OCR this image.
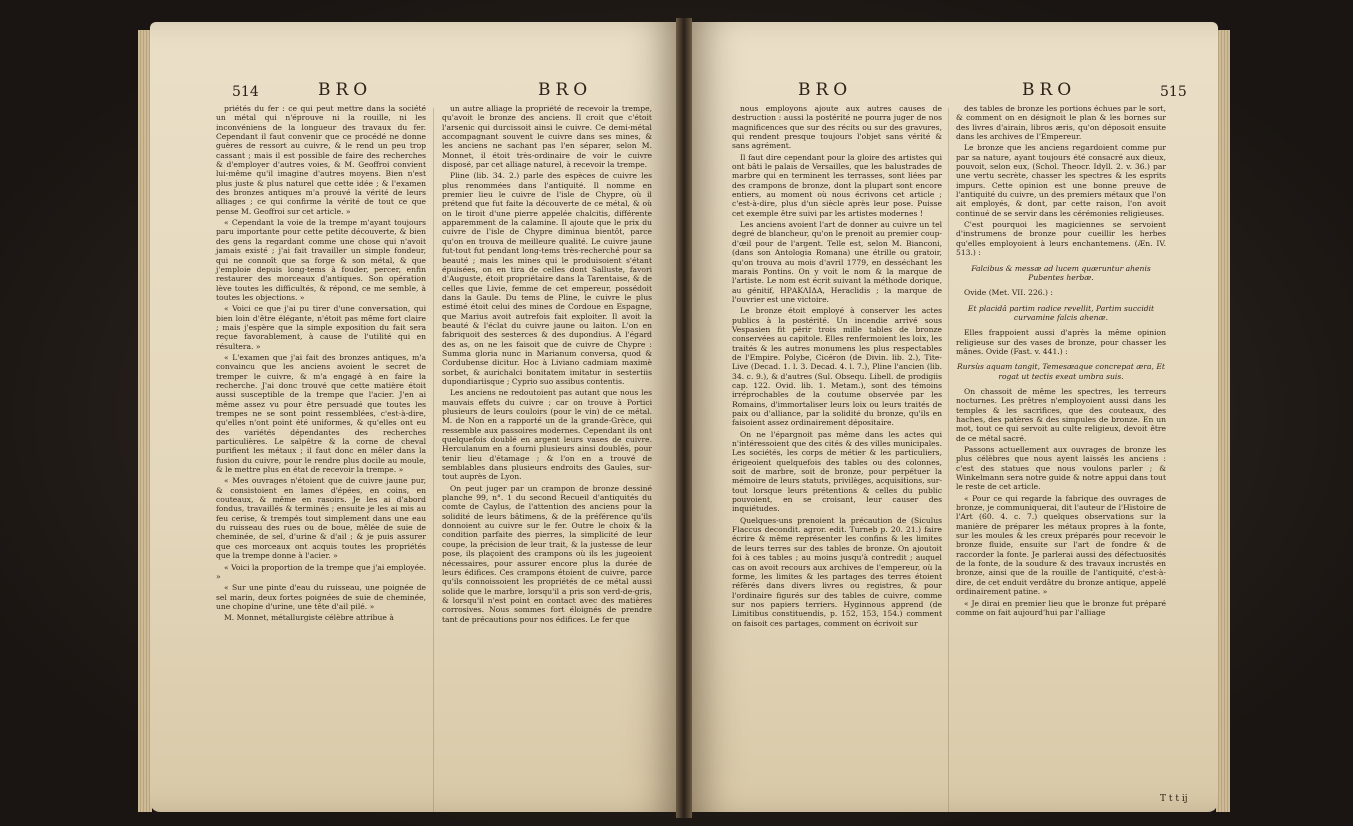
514	BRO	BRO

priétés du fer : ce qui peut mettre dans la société un métal qui n'éprouve ni la rouille, ni les inconvéniens de la longueur des travaux du fer. Cependant il faut convenir que ce procédé ne donne guères de ressort au cuivre, & le rend un peu trop cassant ; mais il est possible de faire des recherches & d'employer d'autres voies, & M. Geoffroi convient lui-même qu'il imagine d'autres moyens. Bien n'est plus juste & plus naturel que cette idée ; & l'examen des bronzes antiques m'a prouvé la vérité de leurs alliages ; ce qui confirme la vérité de tout ce que pense M. Geoffroi sur cet article. »

« Cependant la voie de la trempe m'ayant toujours paru importante pour cette petite découverte, & bien des gens la regardant comme une chose qui n'avoit jamais existé ; j'ai fait travailler un simple fondeur, qui ne connoît que sa forge & son métal, & que j'emploie depuis long-tems à fouder, percer, enfin restaurer des morceaux d'antiques. Son opération lève toutes les difficultés, & répond, ce me semble, à toutes les objections. »

« Voici ce que j'ai pu tirer d'une conversation, qui bien loin d'être élégante, n'étoit pas même fort claire ; mais j'espère que la simple exposition du fait sera reçue favorablement, à cause de l'utilité qui en résultera. »

« L'examen que j'ai fait des bronzes antiques, m'a convaincu que les anciens avoient le secret de tremper le cuivre, & m'a engagé à en faire la recherche. J'ai donc trouvé que cette matière étoit aussi susceptible de la trempe que l'acier. J'en ai même assez vu pour être persuadé que toutes les trempes ne se sont point ressemblées, c'est-à-dire, qu'elles n'ont point été uniformes, & qu'elles ont eu des variétés dépendantes des recherches particulières. Le salpêtre & la corne de cheval purifient les métaux ; il faut donc en mêler dans la fusion du cuivre, pour le rendre plus docile au moule, & le mettre plus en état de recevoir la trempe. »

« Mes ouvrages n'étoient que de cuivre jaune pur, & consistoient en lames d'épées, en coins, en couteaux, & même en rasoirs. Je les ai d'abord fondus, travaillés & terminés ; ensuite je les ai mis au feu cerise, & trempés tout simplement dans une eau du ruisseau des rues ou de boue, mêlée de suie de cheminée, de sel, d'urine & d'ail ; & je puis assurer que ces morceaux ont acquis toutes les propriétés que la trempe donne à l'acier. »

« Voici la proportion de la trempe que j'ai employée. »

« Sur une pinte d'eau du ruisseau, une poignée de sel marin, deux fortes poignées de suie de cheminée, une chopine d'urine, une tête d'ail pilé. »

M. Monnet, métallurgiste célèbre attribue à

un autre alliage la propriété de recevoir la trempe, qu'avoit le bronze des anciens. Il croit que c'étoit l'arsenic qui durcissoit ainsi le cuivre. Ce demi-métal accompagnant souvent le cuivre dans ses mines, & les anciens ne sachant pas l'en séparer, selon M. Monnet, il étoit très-ordinaire de voir le cuivre disposé, par cet alliage naturel, à recevoir la trempe.

Pline (lib. 34. 2.) parle des espèces de cuivre les plus renommées dans l'antiquité. Il nomme en premier lieu le cuivre de l'isle de Chypre, où il prétend que fut faite la découverte de ce métal, & où on le tiroit d'une pierre appelée chalcitis, différente apparemment de la calamine. Il ajoute que le prix du cuivre de l'isle de Chypre diminua bientôt, parce qu'on en trouva de meilleure qualité. Le cuivre jaune fut-tout fut pendant long-tems très-recherché pour sa beauté ; mais les mines qui le produisoient s'étant épuisées, on en tira de celles dont Salluste, favori d'Auguste, étoit propriétaire dans la Tarentaise, & de celles que Livie, femme de cet empereur, possédoit dans la Gaule. Du tems de Pline, le cuivre le plus estimé étoit celui des mines de Cordoue en Espagne, que Marius avoit autrefois fait exploiter. Il avoit la beauté & l'éclat du cuivre jaune ou laiton. L'on en fabriquoit des sesterces & des dupondius. A l'égard des as, on ne les faisoit que de cuivre de Chypre : Summa gloria nunc in Marianum conversa, quod & Cordubense dicitur. Hoc à Liviano cadmiam maximè sorbet, & aurichalci bonitatem imitatur in sestertiis dupondiariisque ; Cyprio suo assibus contentis.

Les anciens ne redoutoient pas autant que nous les mauvais effets du cuivre ; car on trouve à Portici plusieurs de leurs couloirs (pour le vin) de ce métal. M. de Non en a rapporté un de la grande-Grèce, qui ressemble aux passoires modernes. Cependant ils ont quelquefois doublé en argent leurs vases de cuivre. Herculanum en a fourni plusieurs ainsi doublés, pour tenir lieu d'étamage ; & l'on en a trouvé de semblables dans plusieurs endroits des Gaules, sur-tout auprès de Lyon.

On peut juger par un crampon de bronze dessiné planche 99, n°. 1 du second Recueil d'antiquités du comte de Caylus, de l'attention des anciens pour la solidité de leurs bâtimens, & de la préférence qu'ils donnoient au cuivre sur le fer. Outre le choix & la condition parfaite des pierres, la simplicité de leur coupe, la précision de leur trait, & la justesse de leur pose, ils plaçoient des crampons où ils les jugeoient nécessaires, pour assurer encore plus la durée de leurs édifices. Ces crampons étoient de cuivre, parce qu'ils connoissoient les propriétés de ce métal aussi solide que le marbre, lorsqu'il a pris son verd-de-gris, & lorsqu'il n'est point en contact avec des matières corrosives. Nous sommes fort éloignés de prendre tant de précautions pour nos édifices. Le fer que

BRO	BRO	515

nous employons ajoute aux autres causes de destruction : aussi la postérité ne pourra juger de nos magnificences que sur des récits ou sur des gravures, qui rendent presque toujours l'objet sans vérité & sans agrément.

Il faut dire cependant pour la gloire des artistes qui ont bâti le palais de Versailles, que les balustrades de marbre qui en terminent les terrasses, sont liées par des crampons de bronze, dont la plupart sont encore entiers, au moment où nous écrivons cet article ; c'est-à-dire, plus d'un siècle après leur pose. Puisse cet exemple être suivi par les artistes modernes !

Les anciens avoient l'art de donner au cuivre un tel degré de blancheur, qu'on le prenoit au premier coup-d'œil pour de l'argent. Telle est, selon M. Bianconi, (dans son Antologia Romana) une étrille ou gratoir, qu'on trouva au mois d'avril 1779, en desséchant les marais Pontins. On y voit le nom & la marque de l'artiste. Le nom est écrit suivant la méthode dorique, au génitif, ΗΡΑΚΛΙΔΑ, Heraclidis ; la marque de l'ouvrier est une victoire.

Le bronze étoit employé à conserver les actes publics à la postérité. Un incendie arrivé sous Vespasien fit périr trois mille tables de bronze conservées au capitole. Elles renfermoient les loix, les traités & les autres monumens les plus respectables de l'Empire. Polybe, Cicéron (de Divin. lib. 2.), Tite-Live (Decad. 1. l. 3. Decad. 4. l. 7.), Pline l'ancien (lib. 34. c. 9.), & d'autres (Sul. Obsequ. Libell. de prodigiis cap. 122. Ovid. lib. 1. Metam.), sont des témoins irréprochables de la coutume observée par les Romains, d'immortaliser leurs loix ou leurs traités de paix ou d'alliance, par la solidité du bronze, qu'ils en faisoient assez ordinairement dépositaire.

On ne l'épargnoit pas même dans les actes qui n'intéressoient que des cités & des villes municipales. Les sociétés, les corps de métier & les particuliers, érigeoient quelquefois des tables ou des colonnes, soit de marbre, soit de bronze, pour perpétuer la mémoire de leurs statuts, privilèges, acquisitions, sur-tout lorsque leurs prétentions & celles du public pouvoient, en se croisant, leur causer des inquiétudes.

Quelques-uns prenoient la précaution de (Siculus Flaccus decondit. agror. edit. Turneb p. 20. 21.) faire écrire & même représenter les confins & les limites de leurs terres sur des tables de bronze. On ajoutoit foi à ces tables ; au moins jusqu'à contredit ; auquel cas on avoit recours aux archives de l'empereur, où la forme, les limites & les partages des terres étoient réfèrés dans divers livres ou registres, & pour l'ordinaire figurés sur des tables de cuivre, comme sur nos papiers terriers. Hyginnous apprend (de Limitibus constituendis, p. 152, 153, 154.) comment on faisoit ces partages, comment on écrivoit sur

des tables de bronze les portions échues par le sort, & comment on en désignoit le plan & les bornes sur des livres d'airain, libros æris, qu'on déposoit ensuite dans les archives de l'Empereur.

Le bronze que les anciens regardoient comme pur par sa nature, ayant toujours été consacré aux dieux, pouvoit, selon eux, (Schol. Theocr. Idyll. 2. v. 36.) par une vertu secrète, chasser les spectres & les esprits impurs. Cette opinion est une bonne preuve de l'antiquité du cuivre, un des premiers métaux que l'on ait employés, & dont, par cette raison, l'on avoit continué de se servir dans les cérémonies religieuses.

C'est pourquoi les magiciennes se servoient d'instrumens de bronze pour cueillir les herbes qu'elles employoient à leurs enchantemens. (Æn. IV. 513.) :

Falcibus & messæ ad lucem quæruntur ahenis Pubentes herbæ.

Ovide (Met. VII. 226.) :

Et placidâ partim radice revellit, Partim succidit curvamine falcis ahenæ.

Elles frappoient aussi d'après la même opinion religieuse sur des vases de bronze, pour chasser les mânes. Ovide (Fast. v. 441.) :

Rursùs aquam tangit, Temesæaque concrepat æra, Et rogat ut tectis exeat umbra suis.

On chassoit de même les spectres, les terreurs nocturnes. Les prêtres n'employoient aussi dans les temples & les sacrifices, que des couteaux, des haches, des patères & des simpules de bronze. En un mot, tout ce qui servoit au culte religieux, devoit être de ce métal sacré.

Passons actuellement aux ouvrages de bronze les plus célèbres que nous ayent laissés les anciens : c'est des statues que nous voulons parler ; & Winkelmann sera notre guide & notre appui dans tout le reste de cet article.

« Pour ce qui regarde la fabrique des ouvrages de bronze, je communiquerai, dit l'auteur de l'Histoire de l'Art (60. 4. c. 7.) quelques observations sur la manière de préparer les métaux propres à la fonte, sur les moules & les creux préparés pour recevoir le bronze fluide, ensuite sur l'art de fondre & de raccorder la fonte. Je parlerai aussi des défectuosités de la fonte, de la soudure & des travaux incrustés en bronze, ainsi que de la rouille de l'antiquité, c'est-à-dire, de cet enduit verdâtre du bronze antique, appelé ordinairement patine. »

« Je dirai en premier lieu que le bronze fut préparé comme on fait aujourd'hui par l'alliage

T t t ij
